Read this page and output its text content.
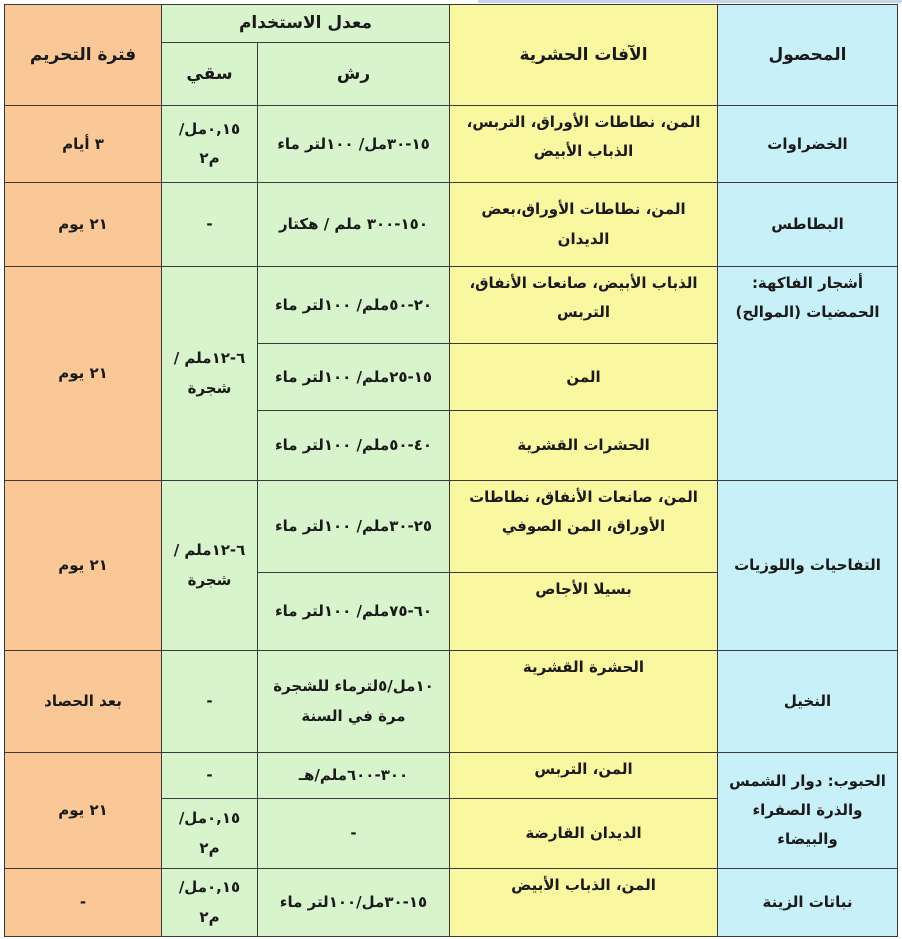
المحصول	الآفات الحشرية	معدل الاستخدام		فترة التحريم
		رش	سقي	
الخضراوات	المن، نطاطات الأوراق، التربس، الذباب الأبيض	١٥-٣٠مل/ ١٠٠لتر ماء	٠,١٥مل/ م٢	٣ أيام
البطاطس	المن، نطاطات الأوراق،بعض الديدان	١٥٠-٣٠٠ ملم / هكتار	-	٢١ يوم
أشجار الفاكهة: الحمضيات (الموالح)	الذباب الأبيض، صانعات الأنفاق، التربس	٢٠-٥٠ملم/ ١٠٠لتر ماء	٦-١٢ملم / شجرة	٢١ يوم
	المن	١٥-٢٥ملم/ ١٠٠لتر ماء		
	الحشرات القشرية	٤٠-٥٠ملم/ ١٠٠لتر ماء		
التفاحيات واللوزيات	المن، صانعات الأنفاق، نطاطات الأوراق، المن الصوفي	٢٥-٣٠ملم/ ١٠٠لتر ماء	٦-١٢ملم / شجرة	٢١ يوم
	بسيلا الأجاص	٦٠-٧٥ملم/ ١٠٠لتر ماء		
النخيل	الحشرة القشرية	١٠مل/٥لترماء للشجرة مرة في السنة	-	بعد الحصاد
الحبوب: دوار الشمس والذرة الصفراء والبيضاء	المن، التربس	٣٠٠-٦٠٠ملم/هـ	-	٢١ يوم
	الديدان القارضة	-	٠,١٥مل/ م٢	
نباتات الزينة	المن، الذباب الأبيض	١٥-٣٠مل/١٠٠لتر ماء	٠,١٥مل/ م٢	-
